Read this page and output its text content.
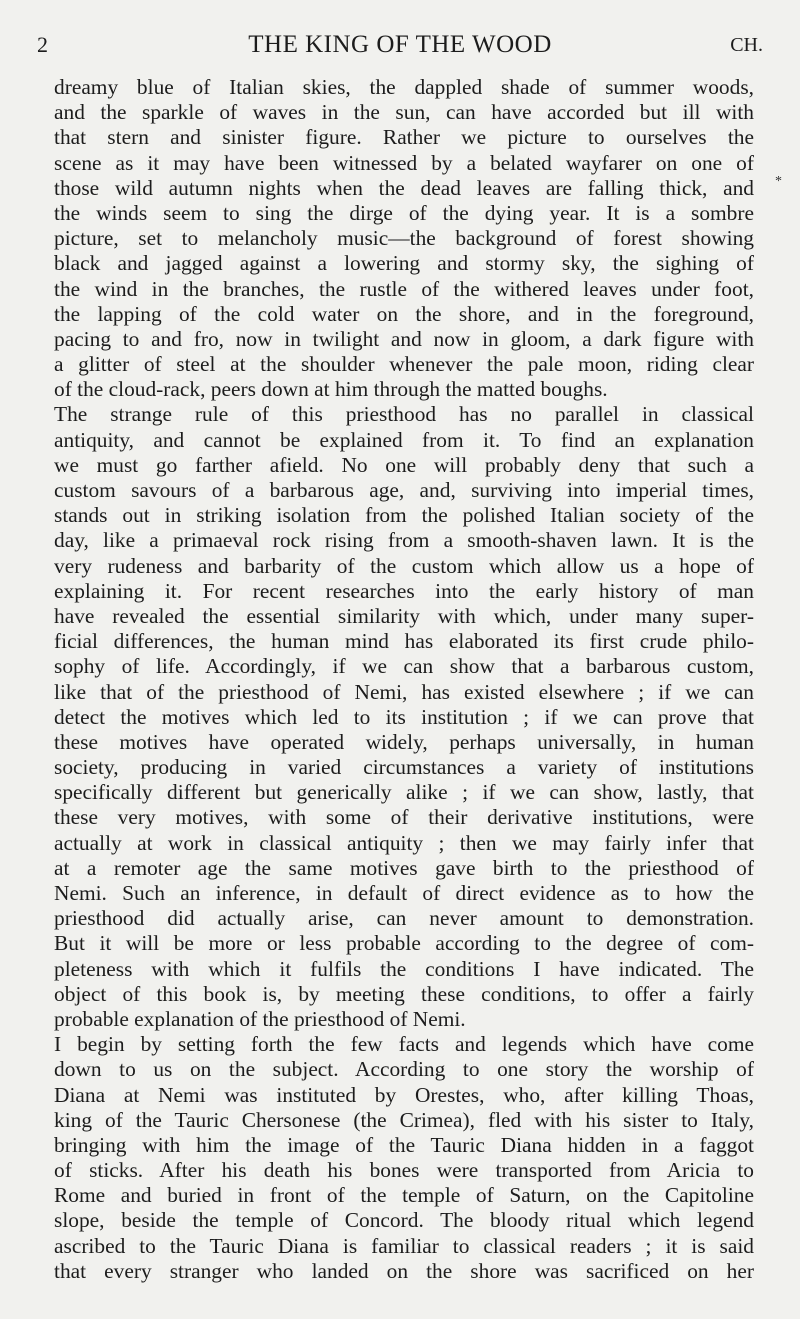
2	THE KING OF THE WOOD	CH.
*
dreamy blue of Italian skies, the dappled shade of summer woods,
and the sparkle of waves in the sun, can have accorded but ill with
that stern and sinister figure. Rather we picture to ourselves the
scene as it may have been witnessed by a belated wayfarer on one of
those wild autumn nights when the dead leaves are falling thick, and
the winds seem to sing the dirge of the dying year. It is a sombre
picture, set to melancholy music—the background of forest showing
black and jagged against a lowering and stormy sky, the sighing of
the wind in the branches, the rustle of the withered leaves under foot,
the lapping of the cold water on the shore, and in the foreground,
pacing to and fro, now in twilight and now in gloom, a dark figure with
a glitter of steel at the shoulder whenever the pale moon, riding clear
of the cloud-rack, peers down at him through the matted boughs.
The strange rule of this priesthood has no parallel in classical
antiquity, and cannot be explained from it. To find an explanation
we must go farther afield. No one will probably deny that such a
custom savours of a barbarous age, and, surviving into imperial times,
stands out in striking isolation from the polished Italian society of the
day, like a primaeval rock rising from a smooth-shaven lawn. It is the
very rudeness and barbarity of the custom which allow us a hope of
explaining it. For recent researches into the early history of man
have revealed the essential similarity with which, under many super-
ficial differences, the human mind has elaborated its first crude philo-
sophy of life. Accordingly, if we can show that a barbarous custom,
like that of the priesthood of Nemi, has existed elsewhere ; if we can
detect the motives which led to its institution ; if we can prove that
these motives have operated widely, perhaps universally, in human
society, producing in varied circumstances a variety of institutions
specifically different but generically alike ; if we can show, lastly, that
these very motives, with some of their derivative institutions, were
actually at work in classical antiquity ; then we may fairly infer that
at a remoter age the same motives gave birth to the priesthood of
Nemi. Such an inference, in default of direct evidence as to how the
priesthood did actually arise, can never amount to demonstration.
But it will be more or less probable according to the degree of com-
pleteness with which it fulfils the conditions I have indicated. The
object of this book is, by meeting these conditions, to offer a fairly
probable explanation of the priesthood of Nemi.
I begin by setting forth the few facts and legends which have come
down to us on the subject. According to one story the worship of
Diana at Nemi was instituted by Orestes, who, after killing Thoas,
king of the Tauric Chersonese (the Crimea), fled with his sister to Italy,
bringing with him the image of the Tauric Diana hidden in a faggot
of sticks. After his death his bones were transported from Aricia to
Rome and buried in front of the temple of Saturn, on the Capitoline
slope, beside the temple of Concord. The bloody ritual which legend
ascribed to the Tauric Diana is familiar to classical readers ; it is said
that every stranger who landed on the shore was sacrificed on her
